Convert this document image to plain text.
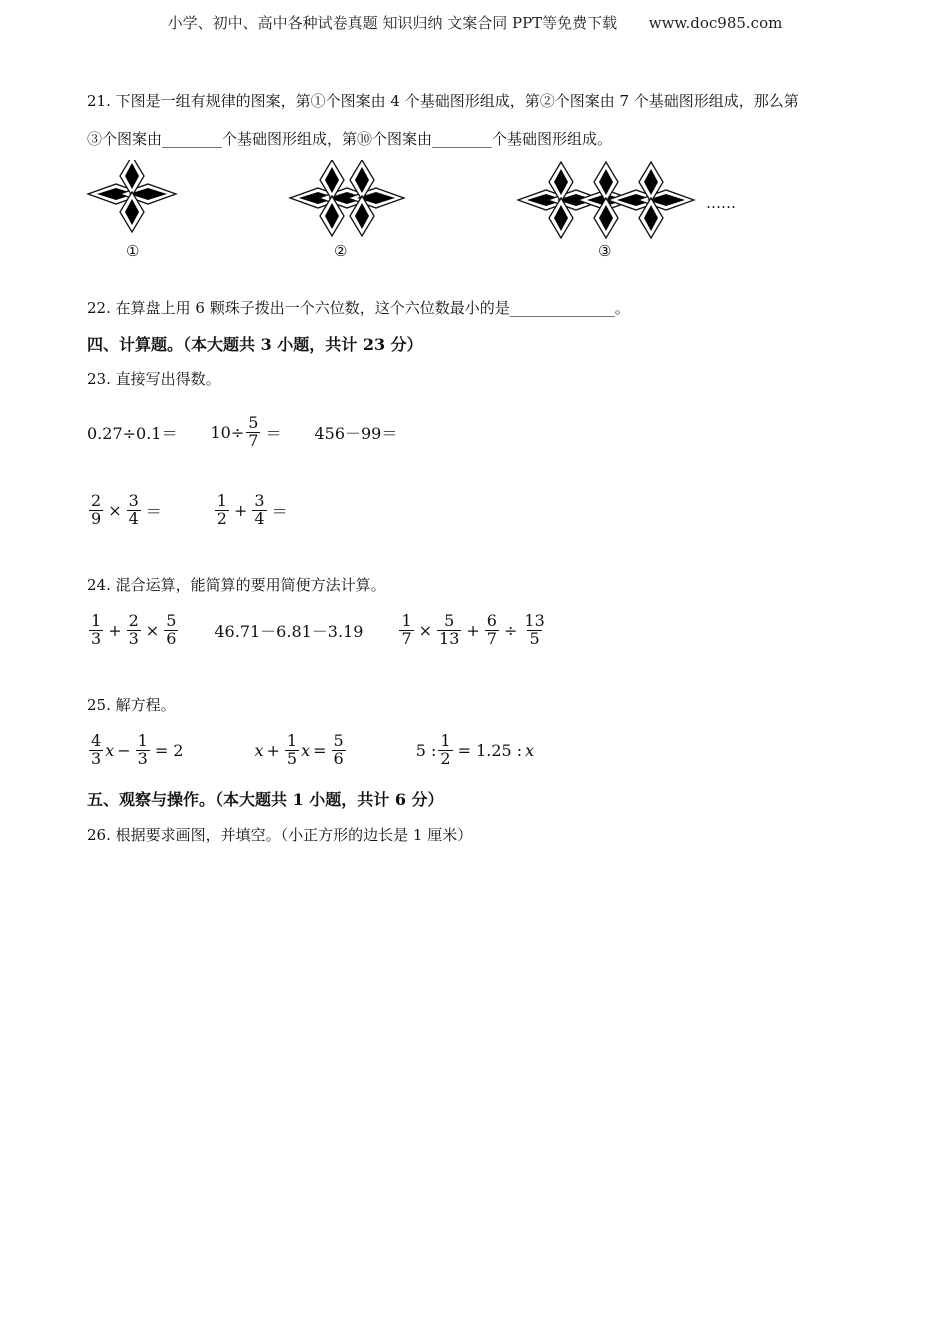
小学、初中、高中各种试卷真题 知识归纳 文案合同 PPT等免费下载 www.doc985.com
21. 下图是一组有规律的图案，第①个图案由 4 个基础图形组成，第②个图案由 7 个基础图形组成，那么第
③个图案由________个基础图形组成，第⑩个图案由________个基础图形组成。
①	②	③
……
22. 在算盘上用 6 颗珠子拨出一个六位数，这个六位数最小的是______________。
四、计算题。（本大题共 3 小题，共计 23 分）
23. 直接写出得数。
$0.27\div 0.1= 10\div \frac{5}{7} = 456-99=$
$\frac{2}{9} \times \frac{3}{4}$ ＝	$\frac{1}{2} + \frac{3}{4}$ ＝
24. 混合运算，能简算的要用简便方法计算。
$\frac{1}{3} + \frac{2}{3} \times \frac{5}{6} 46.71-6.81-3.19 \frac{1}{7} \times \frac{5}{13} + \frac{6}{7} \div \frac{13}{5}$
25. 解方程。
$\frac{4}{3}$ $x - \frac{1}{3} = 2$	$x + \frac{1}{5}$ $x = \frac{5}{6}$	5 : $\frac{1}{2} = 1.25$ : x
五、观察与操作。（本大题共 1 小题，共计 6 分）
26. 根据要求画图，并填空。（小正方形的边长是 1 厘米）
